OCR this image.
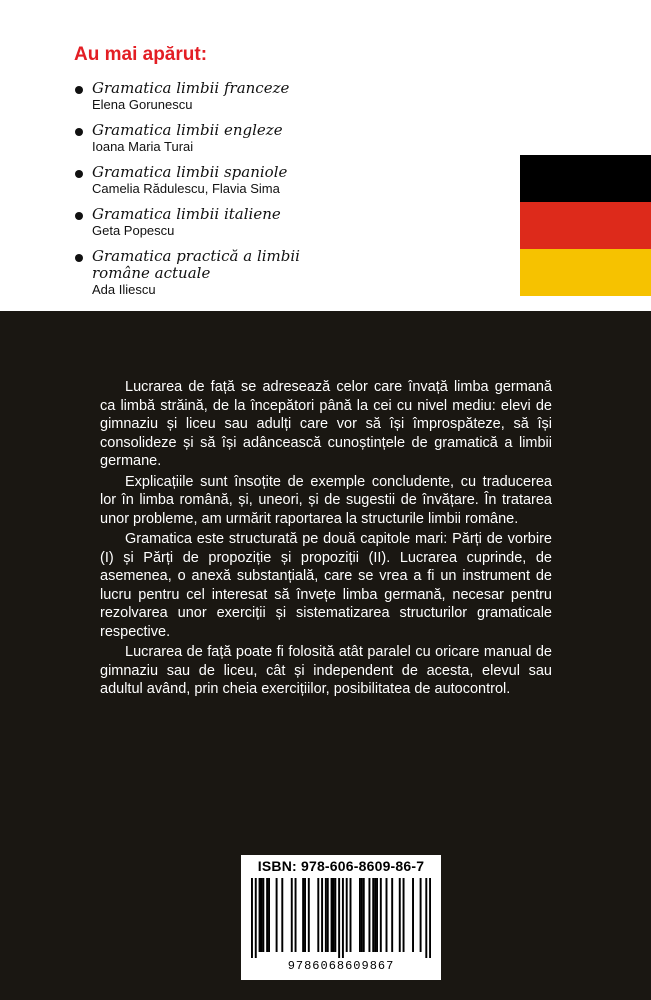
Au mai apărut:
Gramatica limbii franceze
Elena Gorunescu
Gramatica limbii engleze
Ioana Maria Turai
Gramatica limbii spaniole
Camelia Rădulescu, Flavia Sima
Gramatica limbii italiene
Geta Popescu
Gramatica practică a limbii române actuale
Ada Iliescu

Lucrarea de față se adresează celor care învață limba germană ca limbă străină, de la începători până la cei cu nivel mediu: elevi de gimnaziu și liceu sau adulți care vor să își împrospăteze, să își consolideze și să își adâncească cunoștințele de gramatică a limbii germane.

Explicațiile sunt însoțite de exemple concludente, cu traducerea lor în limba română, și, uneori, și de sugestii de învățare. În tratarea unor probleme, am urmărit raportarea la structurile limbii române.

Gramatica este structurată pe două capitole mari: Părți de vorbire (I) și Părți de propoziție și propoziții (II). Lucrarea cuprinde, de asemenea, o anexă substanțială, care se vrea a fi un instrument de lucru pentru cel interesat să învețe limba germană, necesar pentru rezolvarea unor exerciții și sistematizarea structurilor gramaticale respective.

Lucrarea de față poate fi folosită atât paralel cu oricare manual de gimnaziu sau de liceu, cât și independent de acesta, elevul sau adultul având, prin cheia exercițiilor, posibilitatea de autocontrol.

ISBN: 978-606-8609-86-7
9786068609867
